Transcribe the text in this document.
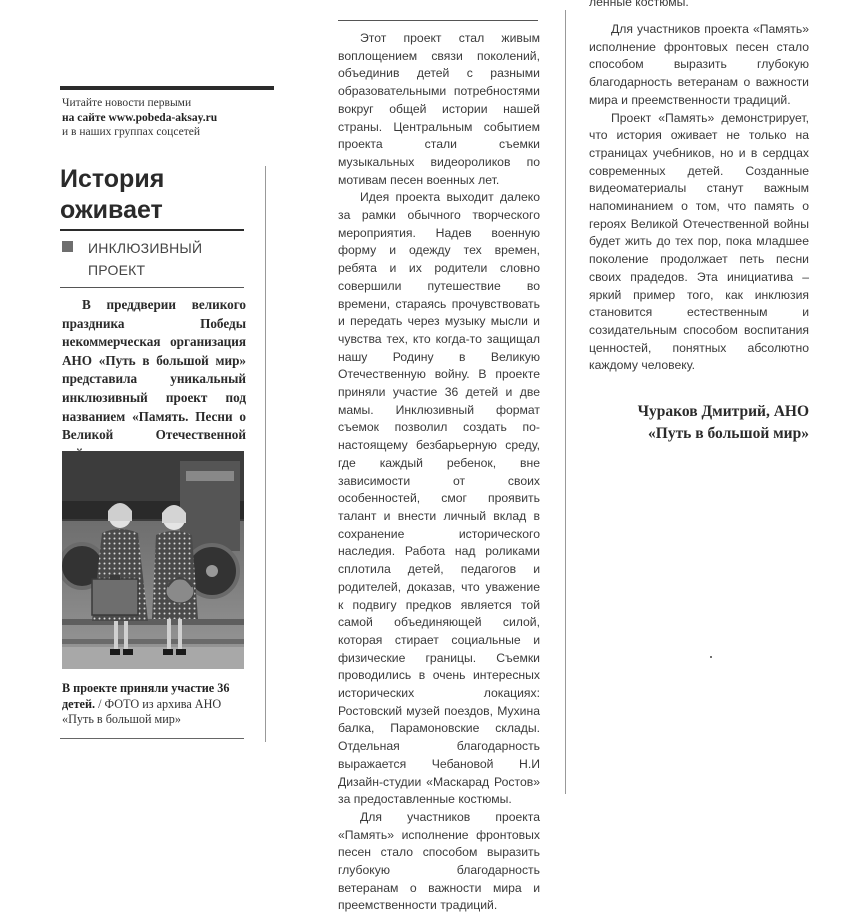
Читайте новости первыми
на сайте www.pobeda-aksay.ru
и в наших группах соцсетей
История
оживает
ИНКЛЮЗИВНЫЙ
ПРОЕКТ
В преддверии великого праздника Победы некоммерческая организация АНО «Путь в большой мир» представила уникальный инклюзивный проект под названием «Память. Песни о Великой Отечественной
В проекте приняли участие 36 детей. / ФОТО из архива АНО «Путь в большой мир»

Этот проект стал живым воплощением связи поколений, объединив детей с разными образовательными потребностями вокруг общей истории нашей страны. Центральным событием проекта стали съемки музыкальных видеороликов по мотивам песен военных лет.

Идея проекта выходит далеко за рамки обычного творческого мероприятия. Надев военную форму и одежду тех времен, ребята и их родители словно совершили путешествие во времени, стараясь прочувствовать и передать через музыку мысли и чувства тех, кто когда-то защищал нашу Родину в Великую Отечественную войну. В проекте приняли участие 36 детей и две мамы. Инклюзивный формат съемок позволил создать по-настоящему безбарьерную среду, где каждый ребенок, вне зависимости от своих особенностей, смог проявить талант и внести личный вклад в сохранение исторического наследия. Работа над роликами сплотила детей, педагогов и родителей, доказав, что уважение к подвигу предков является той самой объединяющей силой, которая стирает социальные и физические границы. Съемки проводились в очень интересных исторических локациях: Ростовский музей поездов, Мухина балка, Парамоновские склады. Отдельная благодарность выражается Чебановой Н.И Дизайн-студии «Маскарад Ростов» за предоставленные костюмы.

Для участников проекта «Память» исполнение фронтовых песен стало способом выразить глубокую благодарность ветеранам о важности мира и преемственности традиций.

ленные костюмы.

Для участников проекта «Память» исполнение фронтовых песен стало способом выразить глубокую благодарность ветеранам о важности мира и преемственности традиций.

Проект «Память» демонстрирует, что история оживает не только на страницах учебников, но и в сердцах современных детей. Созданные видеоматериалы станут важным напоминанием о том, что память о героях Великой Отечественной войны будет жить до тех пор, пока младшее поколение продолжает петь песни своих прадедов. Эта инициатива – яркий пример того, как инклюзия становится естественным и созидательным способом воспитания ценностей, понятных абсолютно каждому человеку.

Чураков Дмитрий, АНО
«Путь в большой мир»
